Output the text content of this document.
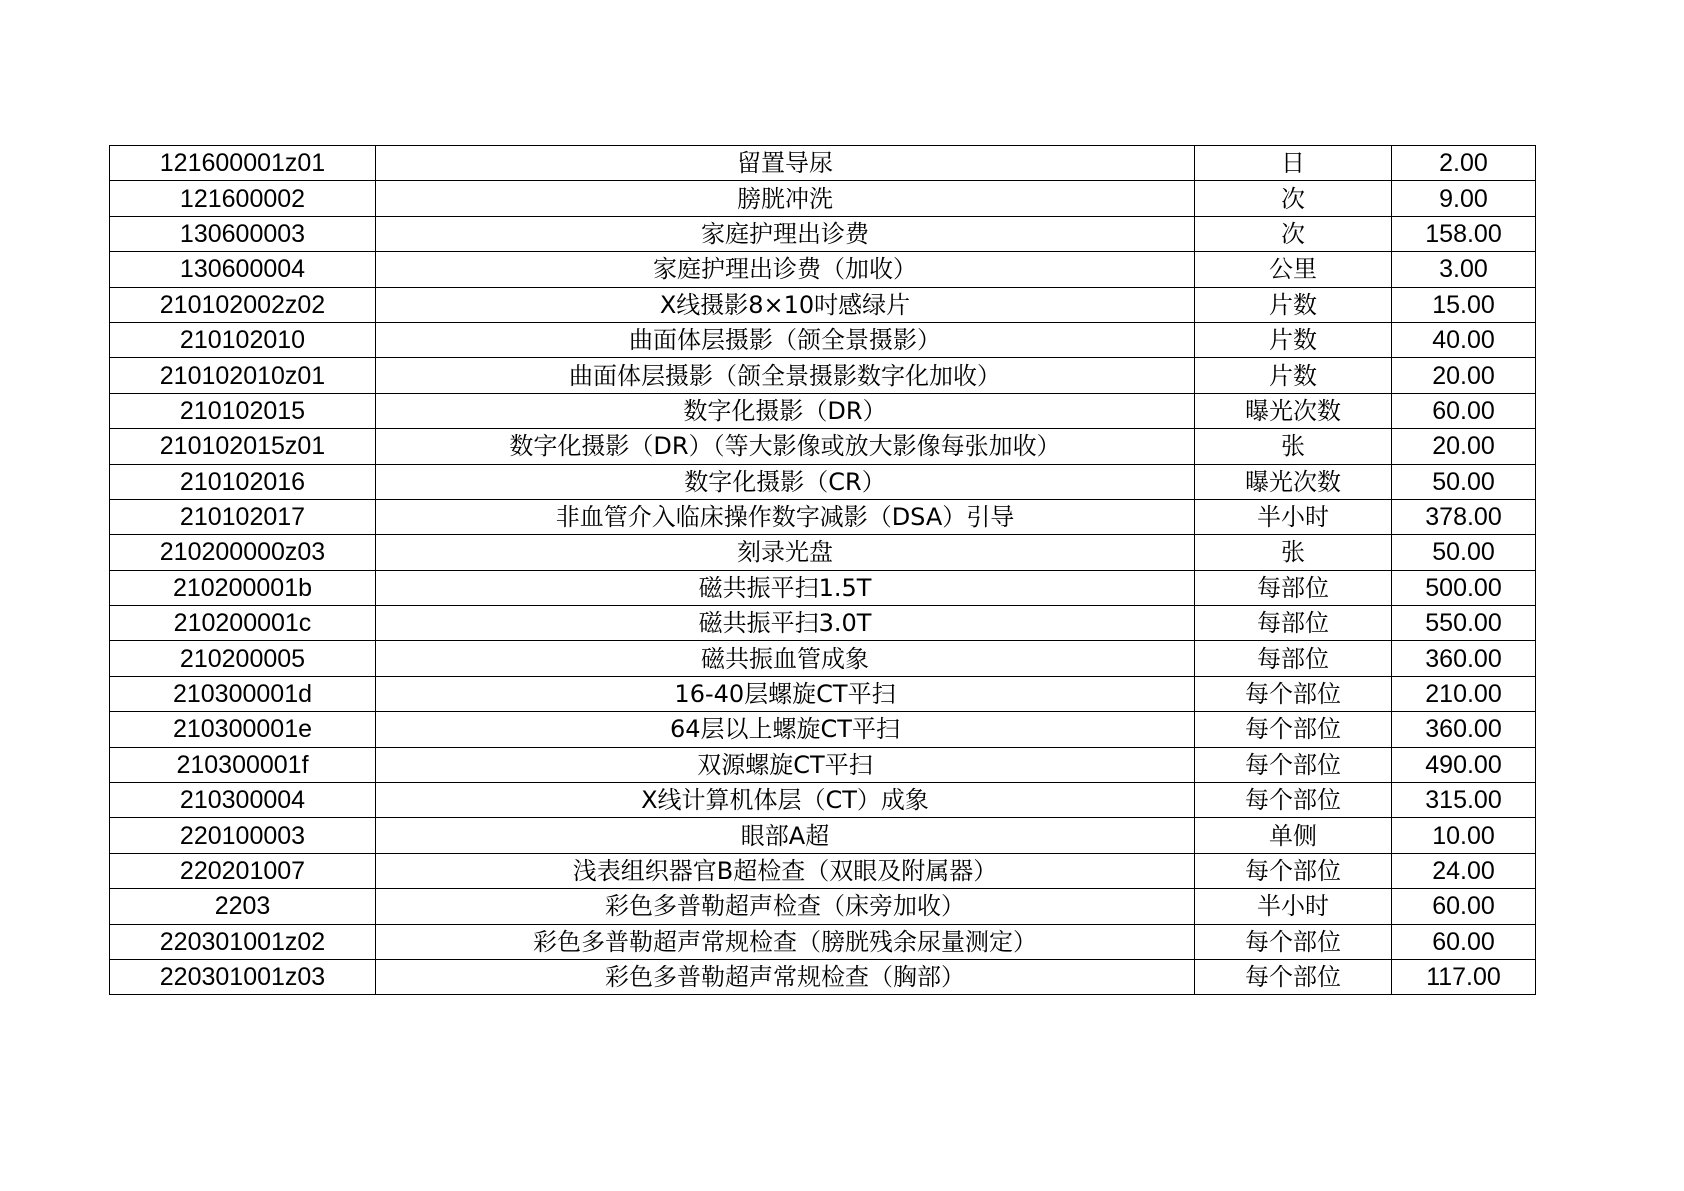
121600001z01	留置导尿	日	2.00
121600002	膀胱冲洗	次	9.00
130600003	家庭护理出诊费	次	158.00
130600004	家庭护理出诊费（加收）	公里	3.00
210102002z02	X线摄影8×10吋感绿片	片数	15.00
210102010	曲面体层摄影（颌全景摄影）	片数	40.00
210102010z01	曲面体层摄影（颌全景摄影数字化加收）	片数	20.00
210102015	数字化摄影（DR）	曝光次数	60.00
210102015z01	数字化摄影（DR）（等大影像或放大影像每张加收）	张	20.00
210102016	数字化摄影（CR）	曝光次数	50.00
210102017	非血管介入临床操作数字减影（DSA）引导	半小时	378.00
210200000z03	刻录光盘	张	50.00
210200001b	磁共振平扫1.5T	每部位	500.00
210200001c	磁共振平扫3.0T	每部位	550.00
210200005	磁共振血管成象	每部位	360.00
210300001d	16-40层螺旋CT平扫	每个部位	210.00
210300001e	64层以上螺旋CT平扫	每个部位	360.00
210300001f	双源螺旋CT平扫	每个部位	490.00
210300004	X线计算机体层（CT）成象	每个部位	315.00
220100003	眼部A超	单侧	10.00
220201007	浅表组织器官B超检查（双眼及附属器）	每个部位	24.00
2203	彩色多普勒超声检查（床旁加收）	半小时	60.00
220301001z02	彩色多普勒超声常规检查（膀胱残余尿量测定）	每个部位	60.00
220301001z03	彩色多普勒超声常规检查（胸部）	每个部位	117.00
